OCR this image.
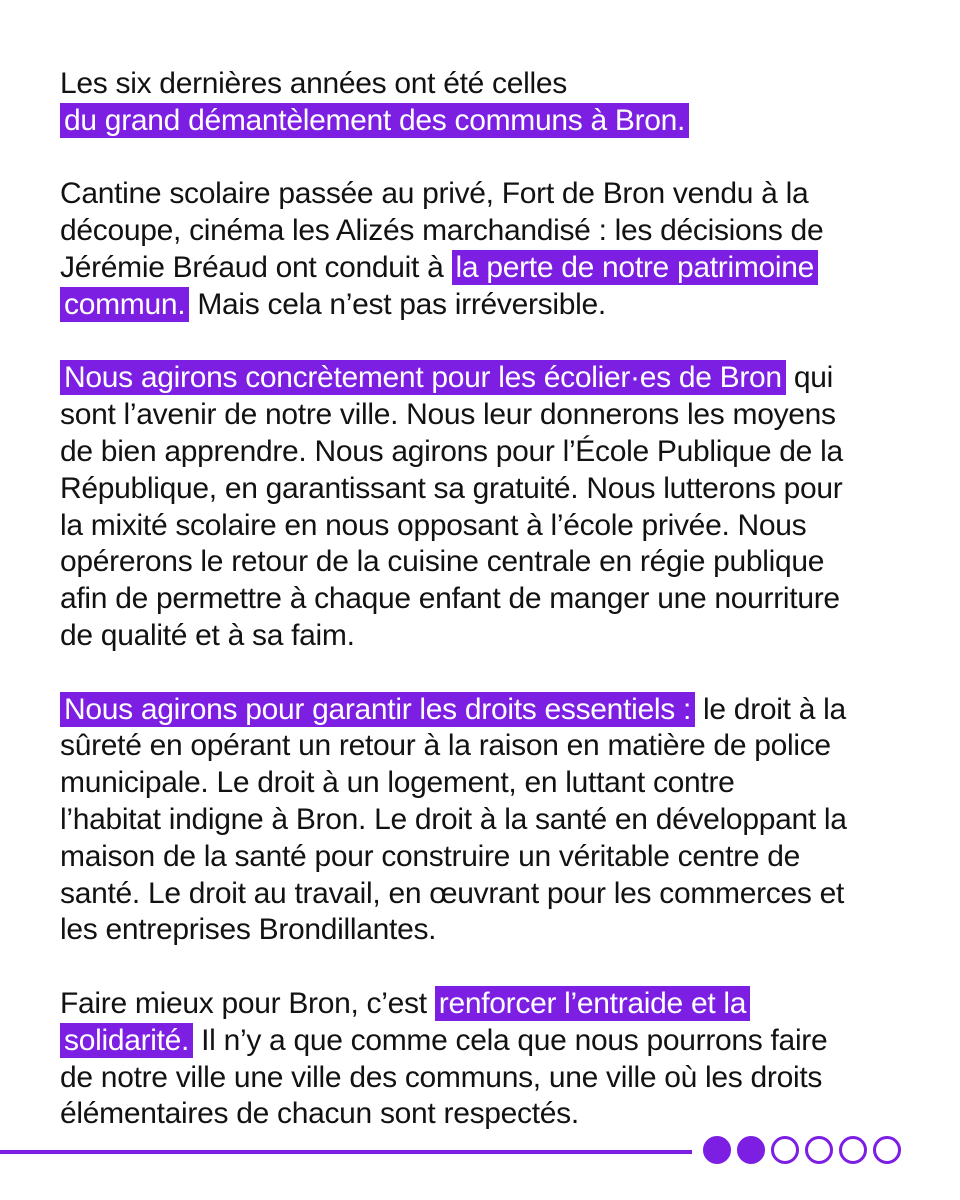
Les six dernières années ont été celles
du grand démantèlement des communs à Bron.
Cantine scolaire passée au privé, Fort de Bron vendu à la
découpe, cinéma les Alizés marchandisé : les décisions de
Jérémie Bréaud ont conduit à la perte de notre patrimoine
commun. Mais cela n’est pas irréversible.
Nous agirons concrètement pour les écolier·es de Bron qui
sont l’avenir de notre ville. Nous leur donnerons les moyens
de bien apprendre. Nous agirons pour l’École Publique de la
République, en garantissant sa gratuité. Nous lutterons pour
la mixité scolaire en nous opposant à l’école privée. Nous
opérerons le retour de la cuisine centrale en régie publique
afin de permettre à chaque enfant de manger une nourriture
de qualité et à sa faim.
Nous agirons pour garantir les droits essentiels : le droit à la
sûreté en opérant un retour à la raison en matière de police
municipale. Le droit à un logement, en luttant contre
l’habitat indigne à Bron. Le droit à la santé en développant la
maison de la santé pour construire un véritable centre de
santé. Le droit au travail, en œuvrant pour les commerces et
les entreprises Brondillantes.
Faire mieux pour Bron, c’est renforcer l’entraide et la
solidarité. Il n’y a que comme cela que nous pourrons faire
de notre ville une ville des communs, une ville où les droits
élémentaires de chacun sont respectés.
